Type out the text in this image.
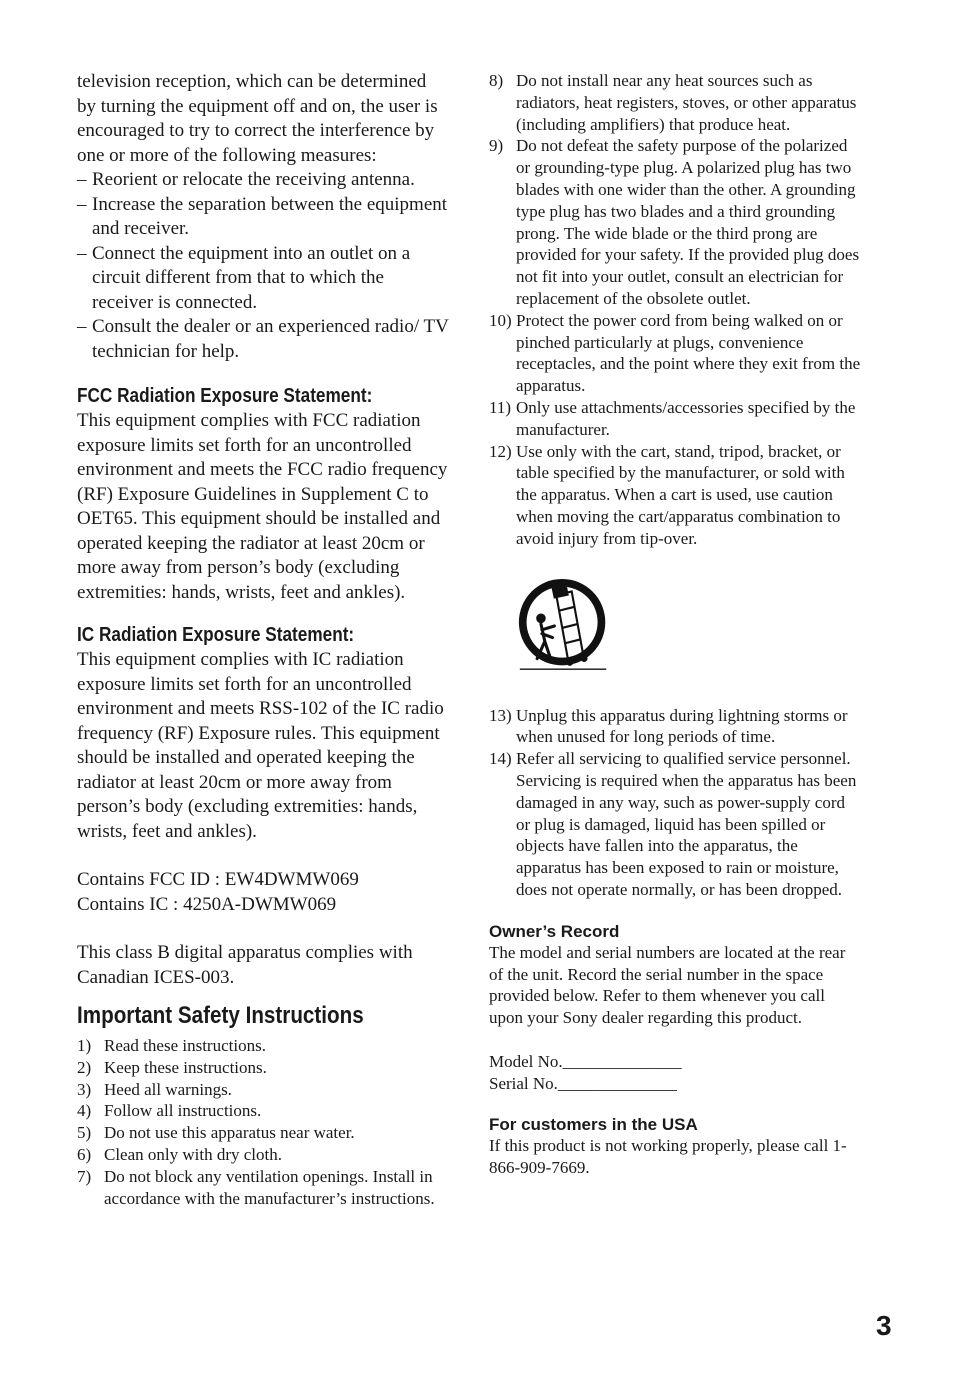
television reception, which can be determined by turning the equipment off and on, the user is encouraged to try to correct the interference by one or more of the following measures:

– Reorient or relocate the receiving antenna.
– Increase the separation between the equipment and receiver.
– Connect the equipment into an outlet on a circuit different from that to which the receiver is connected.
– Consult the dealer or an experienced radio/ TV technician for help.
FCC Radiation Exposure Statement:

This equipment complies with FCC radiation exposure limits set forth for an uncontrolled environment and meets the FCC radio frequency (RF) Exposure Guidelines in Supplement C to OET65. This equipment should be installed and operated keeping the radiator at least 20cm or more away from person’s body (excluding extremities: hands, wrists, feet and ankles).

IC Radiation Exposure Statement:

This equipment complies with IC radiation exposure limits set forth for an uncontrolled environment and meets RSS-102 of the IC radio frequency (RF) Exposure rules. This equipment should be installed and operated keeping the radiator at least 20cm or more away from person’s body (excluding extremities: hands, wrists, feet and ankles).

Contains FCC ID : EW4DWMW069

Contains IC : 4250A-DWMW069

This class B digital apparatus complies with Canadian ICES-003.

Important Safety Instructions
1) Read these instructions.
2) Keep these instructions.
3) Heed all warnings.
4) Follow all instructions.
5) Do not use this apparatus near water.
6) Clean only with dry cloth.
7) Do not block any ventilation openings. Install in accordance with the manufacturer’s instructions.
8) Do not install near any heat sources such as radiators, heat registers, stoves, or other apparatus (including amplifiers) that produce heat.
9) Do not defeat the safety purpose of the polarized or grounding-type plug. A polarized plug has two blades with one wider than the other. A grounding type plug has two blades and a third grounding prong. The wide blade or the third prong are provided for your safety. If the provided plug does not fit into your outlet, consult an electrician for replacement of the obsolete outlet.
10) Protect the power cord from being walked on or pinched particularly at plugs, convenience receptacles, and the point where they exit from the apparatus.
11) Only use attachments/accessories specified by the manufacturer.
12) Use only with the cart, stand, tripod, bracket, or table specified by the manufacturer, or sold with the apparatus. When a cart is used, use caution when moving the cart/apparatus combination to avoid injury from tip-over.
13) Unplug this apparatus during lightning storms or when unused for long periods of time.
14) Refer all servicing to qualified service personnel. Servicing is required when the apparatus has been damaged in any way, such as power-supply cord or plug is damaged, liquid has been spilled or objects have fallen into the apparatus, the apparatus has been exposed to rain or moisture, does not operate normally, or has been dropped.
Owner’s Record

The model and serial numbers are located at the rear of the unit. Record the serial number in the space provided below. Refer to them whenever you call upon your Sony dealer regarding this product.

Model No.______________

Serial No.______________

For customers in the USA

If this product is not working properly, please call 1-866-909-7669.

3
